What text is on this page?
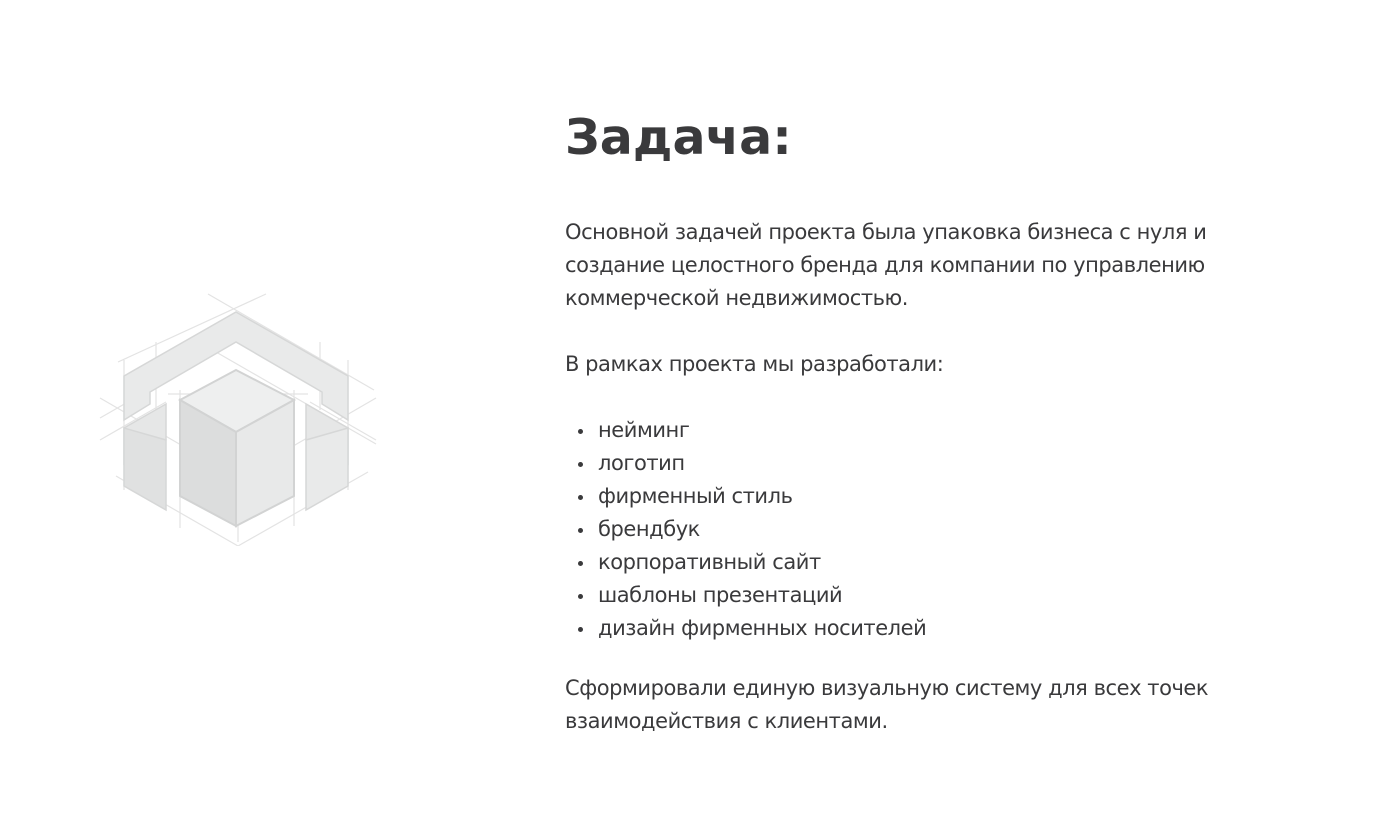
Задача:

Основной задачей проекта была упаковка бизнеса с нуля и создание целостного бренда для компании по управлению коммерческой недвижимостью.

В рамках проекта мы разработали:

нейминг
логотип
фирменный стиль
брендбук
корпоративный сайт
шаблоны презентаций
дизайн фирменных носителей

Сформировали единую визуальную систему для всех точек взаимодействия с клиентами.
